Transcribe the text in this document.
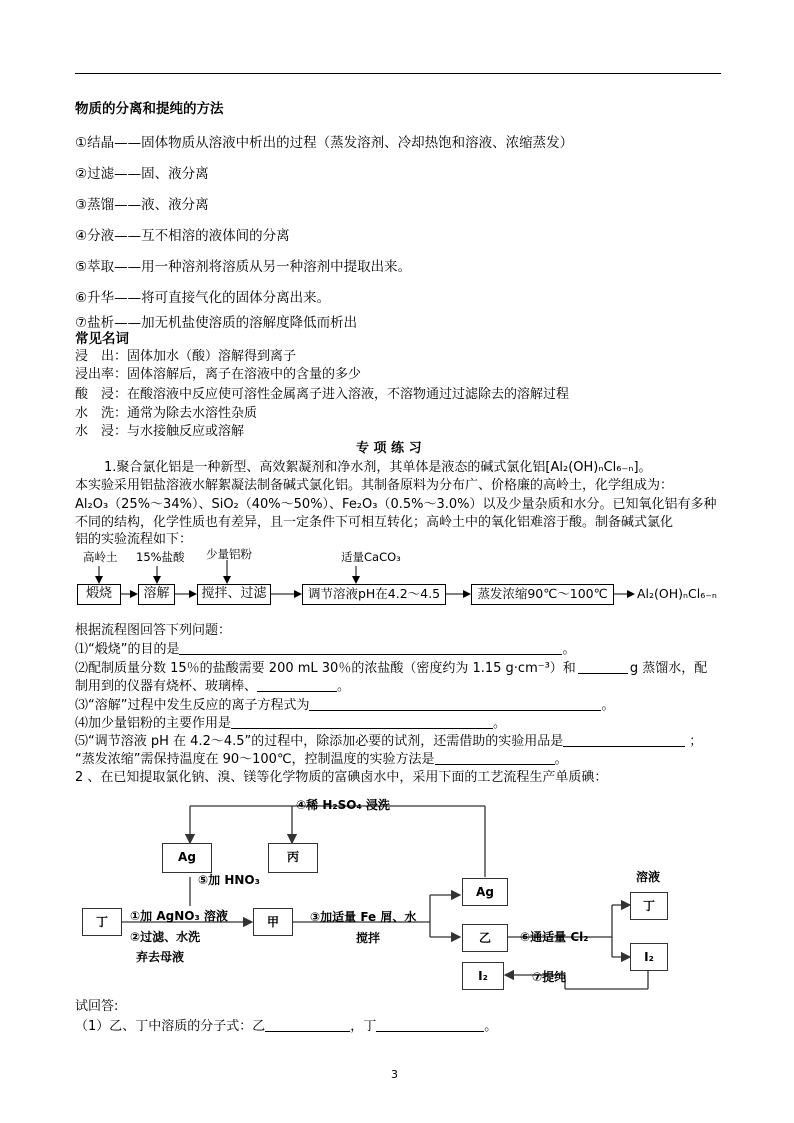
物质的分离和提纯的方法
①结晶——固体物质从溶液中析出的过程（蒸发溶剂、冷却热饱和溶液、浓缩蒸发）
②过滤——固、液分离
③蒸馏——液、液分离
④分液——互不相溶的液体间的分离
⑤萃取——用一种溶剂将溶质从另一种溶剂中提取出来。
⑥升华——将可直接气化的固体分离出来。
⑦盐析——加无机盐使溶质的溶解度降低而析出
常见名词
浸　出：固体加水（酸）溶解得到离子
浸出率：固体溶解后，离子在溶液中的含量的多少
酸　浸：在酸溶液中反应使可溶性金属离子进入溶液，不溶物通过过滤除去的溶解过程
水　洗：通常为除去水溶性杂质
水　浸：与水接触反应或溶解
专 项 练 习
1.聚合氯化铝是一种新型、高效絮凝剂和净水剂，其单体是液态的碱式氯化铝[Al₂(OH)ₙCl₆₋ₙ]。
本实验采用铝盐溶液水解絮凝法制备碱式氯化铝。其制备原料为分布广、价格廉的高岭土，化学组成为：
Al₂O₃（25%～34%）、SiO₂（40%～50%）、Fe₂O₃（0.5%～3.0%）以及少量杂质和水分。已知氧化铝有多种
不同的结构，化学性质也有差异，且一定条件下可相互转化；高岭土中的氧化铝难溶于酸。制备碱式氯化
铝的实验流程如下：
高岭土 15%盐酸 少量铝粉	适量CaCO₃
煅烧	溶解	搅拌、过滤	调节溶液pH在4.2～4.5	蒸发浓缩90℃～100℃	Al₂(OH)ₙCl₆₋ₙ
根据流程图回答下列问题：
⑴“煅烧”的目的是	。
⑵配制质量分数 15％的盐酸需要 200 mL 30％的浓盐酸（密度约为 1.15 g·cm⁻³）和	g 蒸馏水，配
制用到的仪器有烧杯、玻璃棒、	。
⑶“溶解”过程中发生反应的离子方程式为	。
⑷加少量铝粉的主要作用是	。
⑸“调节溶液 pH 在 4.2～4.5”的过程中，除添加必要的试剂，还需借助的实验用品是	；
“蒸发浓缩”需保持温度在 90～100℃，控制温度的实验方法是	。
2 、在已知提取氯化钠、溴、镁等化学物质的富碘卤水中，采用下面的工艺流程生产单质碘：
④稀 H₂SO₄ 浸洗
Ag	丙
⑤加 HNO₃
Ag
溶液
丁
丁	①加 AgNO₃ 溶液
②过滤、水洗
弃去母液
甲	③加适量 Fe 屑、水
搅拌	乙	⑥通适量 Cl₂
I₂
I₂	⑦提纯
试回答:
（1）乙、丁中溶质的分子式：乙	，丁	。
3
